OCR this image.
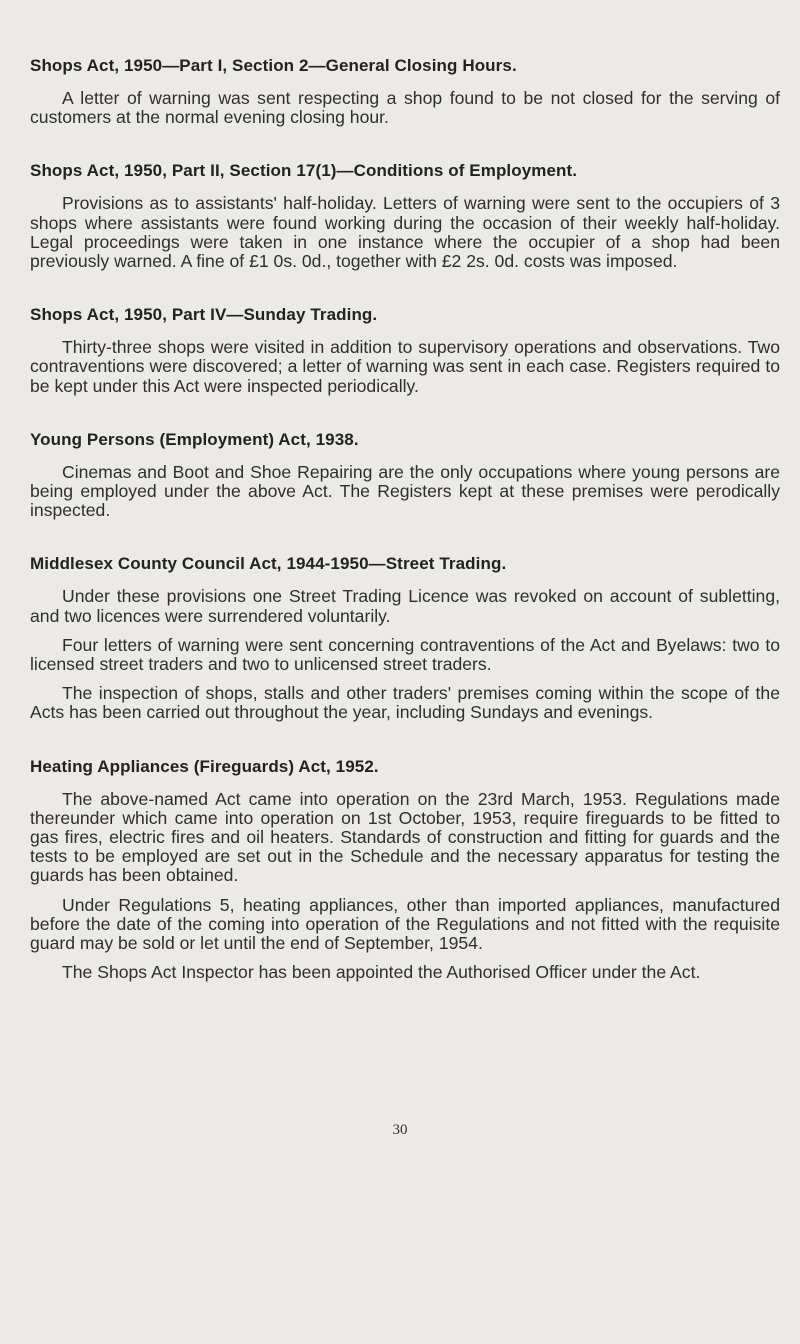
Shops Act, 1950—Part I, Section 2—General Closing Hours.

A letter of warning was sent respecting a shop found to be not closed for the serving of customers at the normal evening closing hour.

Shops Act, 1950, Part II, Section 17(1)—Conditions of Employment.

Provisions as to assistants' half-holiday. Letters of warning were sent to the occupiers of 3 shops where assistants were found working during the occasion of their weekly half-holiday. Legal proceedings were taken in one instance where the occupier of a shop had been previously warned. A fine of £1 0s. 0d., together with £2 2s. 0d. costs was imposed.

Shops Act, 1950, Part IV—Sunday Trading.

Thirty-three shops were visited in addition to supervisory operations and observations. Two contraventions were discovered; a letter of warning was sent in each case. Registers required to be kept under this Act were inspected periodically.

Young Persons (Employment) Act, 1938.

Cinemas and Boot and Shoe Repairing are the only occupations where young persons are being employed under the above Act. The Registers kept at these premises were perodically inspected.

Middlesex County Council Act, 1944-1950—Street Trading.

Under these provisions one Street Trading Licence was revoked on account of subletting, and two licences were surrendered voluntarily.

Four letters of warning were sent concerning contraventions of the Act and Byelaws: two to licensed street traders and two to unlicensed street traders.

The inspection of shops, stalls and other traders' premises coming within the scope of the Acts has been carried out throughout the year, including Sundays and evenings.

Heating Appliances (Fireguards) Act, 1952.

The above-named Act came into operation on the 23rd March, 1953. Regulations made thereunder which came into operation on 1st October, 1953, require fireguards to be fitted to gas fires, electric fires and oil heaters. Standards of construction and fitting for guards and the tests to be employed are set out in the Schedule and the necessary apparatus for testing the guards has been obtained.

Under Regulations 5, heating appliances, other than imported appliances, manufactured before the date of the coming into operation of the Regulations and not fitted with the requisite guard may be sold or let until the end of September, 1954.

The Shops Act Inspector has been appointed the Authorised Officer under the Act.

30
